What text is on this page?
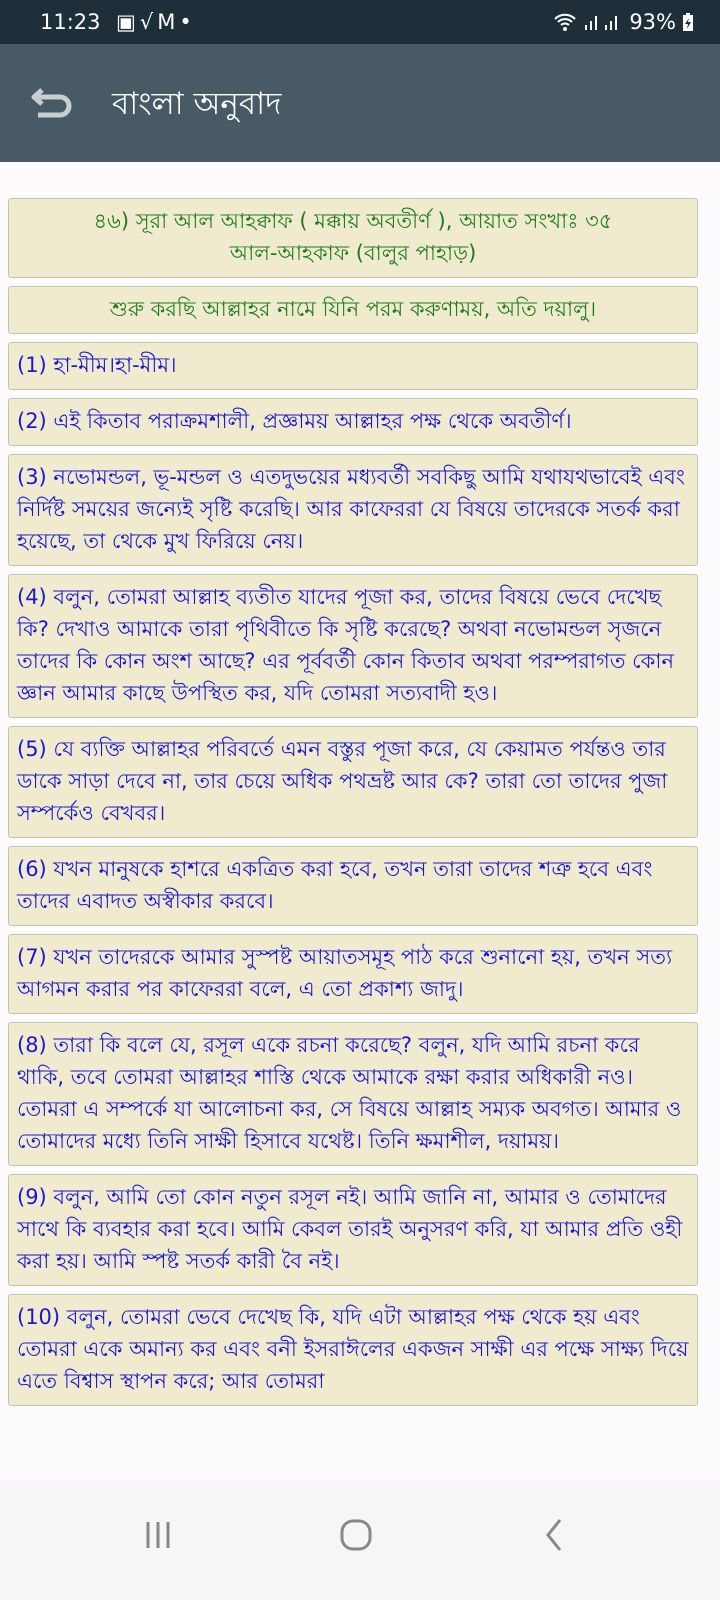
11:23 ▣√M•	93%
বাংলা অনুবাদ
৪৬) সূরা আল আহক্বাফ ( মক্কায় অবতীর্ণ ), আয়াত সংখাঃ ৩৫
আল-আহকাফ (বালুর পাহাড়)
শুরু করছি আল্লাহর নামে যিনি পরম করুণাময়, অতি দয়ালু।
(1) হা-মীম।হা-মীম।
(2) এই কিতাব পরাক্রমশালী, প্রজ্ঞাময় আল্লাহর পক্ষ থেকে অবতীর্ণ।
(3) নভোমন্ডল, ভূ-মন্ডল ও এতদুভয়ের মধ্যবর্তী সবকিছু আমি যথাযথভাবেই এবং নির্দিষ্ট সময়ের জন্যেই সৃষ্টি করেছি। আর কাফেররা যে বিষয়ে তাদেরকে সতর্ক করা হয়েছে, তা থেকে মুখ ফিরিয়ে নেয়।
(4) বলুন, তোমরা আল্লাহ ব্যতীত যাদের পূজা কর, তাদের বিষয়ে ভেবে দেখেছ কি? দেখাও আমাকে তারা পৃথিবীতে কি সৃষ্টি করেছে? অথবা নভোমন্ডল সৃজনে তাদের কি কোন অংশ আছে? এর পূর্ববর্তী কোন কিতাব অথবা পরম্পরাগত কোন জ্ঞান আমার কাছে উপস্থিত কর, যদি তোমরা সত্যবাদী হও।
(5) যে ব্যক্তি আল্লাহর পরিবর্তে এমন বস্তুর পূজা করে, যে কেয়ামত পর্যন্তও তার ডাকে সাড়া দেবে না, তার চেয়ে অধিক পথভ্রষ্ট আর কে? তারা তো তাদের পুজা সম্পর্কেও বেখবর।
(6) যখন মানুষকে হাশরে একত্রিত করা হবে, তখন তারা তাদের শত্রু হবে এবং তাদের এবাদত অস্বীকার করবে।
(7) যখন তাদেরকে আমার সুস্পষ্ট আয়াতসমূহ পাঠ করে শুনানো হয়, তখন সত্য আগমন করার পর কাফেররা বলে, এ তো প্রকাশ্য জাদু।
(8) তারা কি বলে যে, রসূল একে রচনা করেছে? বলুন, যদি আমি রচনা করে থাকি, তবে তোমরা আল্লাহর শাস্তি থেকে আমাকে রক্ষা করার অধিকারী নও। তোমরা এ সম্পর্কে যা আলোচনা কর, সে বিষয়ে আল্লাহ সম্যক অবগত। আমার ও তোমাদের মধ্যে তিনি সাক্ষী হিসাবে যথেষ্ট। তিনি ক্ষমাশীল, দয়াময়।
(9) বলুন, আমি তো কোন নতুন রসূল নই। আমি জানি না, আমার ও তোমাদের সাথে কি ব্যবহার করা হবে। আমি কেবল তারই অনুসরণ করি, যা আমার প্রতি ওহী করা হয়। আমি স্পষ্ট সতর্ক কারী বৈ নই।
(10) বলুন, তোমরা ভেবে দেখেছ কি, যদি এটা আল্লাহর পক্ষ থেকে হয় এবং তোমরা একে অমান্য কর এবং বনী ইসরাঈলের একজন সাক্ষী এর পক্ষে সাক্ষ্য দিয়ে এতে বিশ্বাস স্থাপন করে; আর তোমরা
